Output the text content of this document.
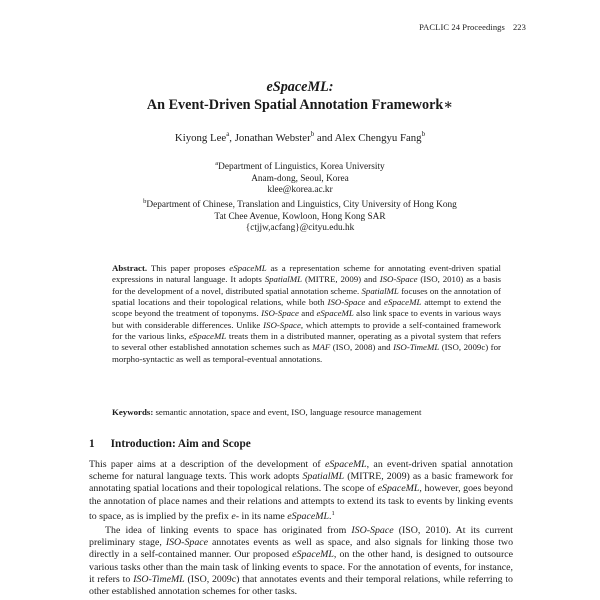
PACLIC 24 Proceedings 223
eSpaceML:
An Event-Driven Spatial Annotation Framework∗
Kiyong Lee$^a$, Jonathan Webster$^b$ and Alex Chengyu Fang$^b$
$^a$Department of Linguistics, Korea University
Anam-dong, Seoul, Korea
klee@korea.ac.kr
$^b$Department of Chinese, Translation and Linguistics, City University of Hong Kong
Tat Chee Avenue, Kowloon, Hong Kong SAR
{ctjjw,acfang}@cityu.edu.hk
Abstract. This paper proposes eSpaceML as a representation scheme for annotating event-driven spatial expressions in natural language. It adopts SpatialML (MITRE, 2009) and ISO-Space (ISO, 2010) as a basis for the development of a novel, distributed spatial annotation scheme. SpatialML focuses on the annotation of spatial locations and their topological relations, while both ISO-Space and eSpaceML attempt to extend the scope beyond the treatment of toponyms. ISO-Space and eSpaceML also link space to events in various ways but with considerable differences. Unlike ISO-Space, which attempts to provide a self-contained framework for the various links, eSpaceML treats them in a distributed manner, operating as a pivotal system that refers to several other established annotation schemes such as MAF (ISO, 2008) and ISO-TimeML (ISO, 2009c) for morpho-syntactic as well as temporal-eventual annotations.
Keywords: semantic annotation, space and event, ISO, language resource management
1 Introduction: Aim and Scope

This paper aims at a description of the development of eSpaceML, an event-driven spatial annotation scheme for natural language texts. This work adopts SpatialML (MITRE, 2009) as a basic framework for annotating spatial locations and their topological relations. The scope of eSpaceML, however, goes beyond the annotation of place names and their relations and attempts to extend its task to events by linking events to space, as is implied by the prefix e- in its name eSpaceML.$^1$

The idea of linking events to space has originated from ISO-Space (ISO, 2010). At its current preliminary stage, ISO-Space annotates events as well as space, and also signals for linking those two directly in a self-contained manner. Our proposed eSpaceML, on the other hand, is designed to outsource various tasks other than the main task of linking events to space. For the annotation of events, for instance, it refers to ISO-TimeML (ISO, 2009c) that annotates events and their temporal relations, while referring to other established annotation schemes for other tasks.
